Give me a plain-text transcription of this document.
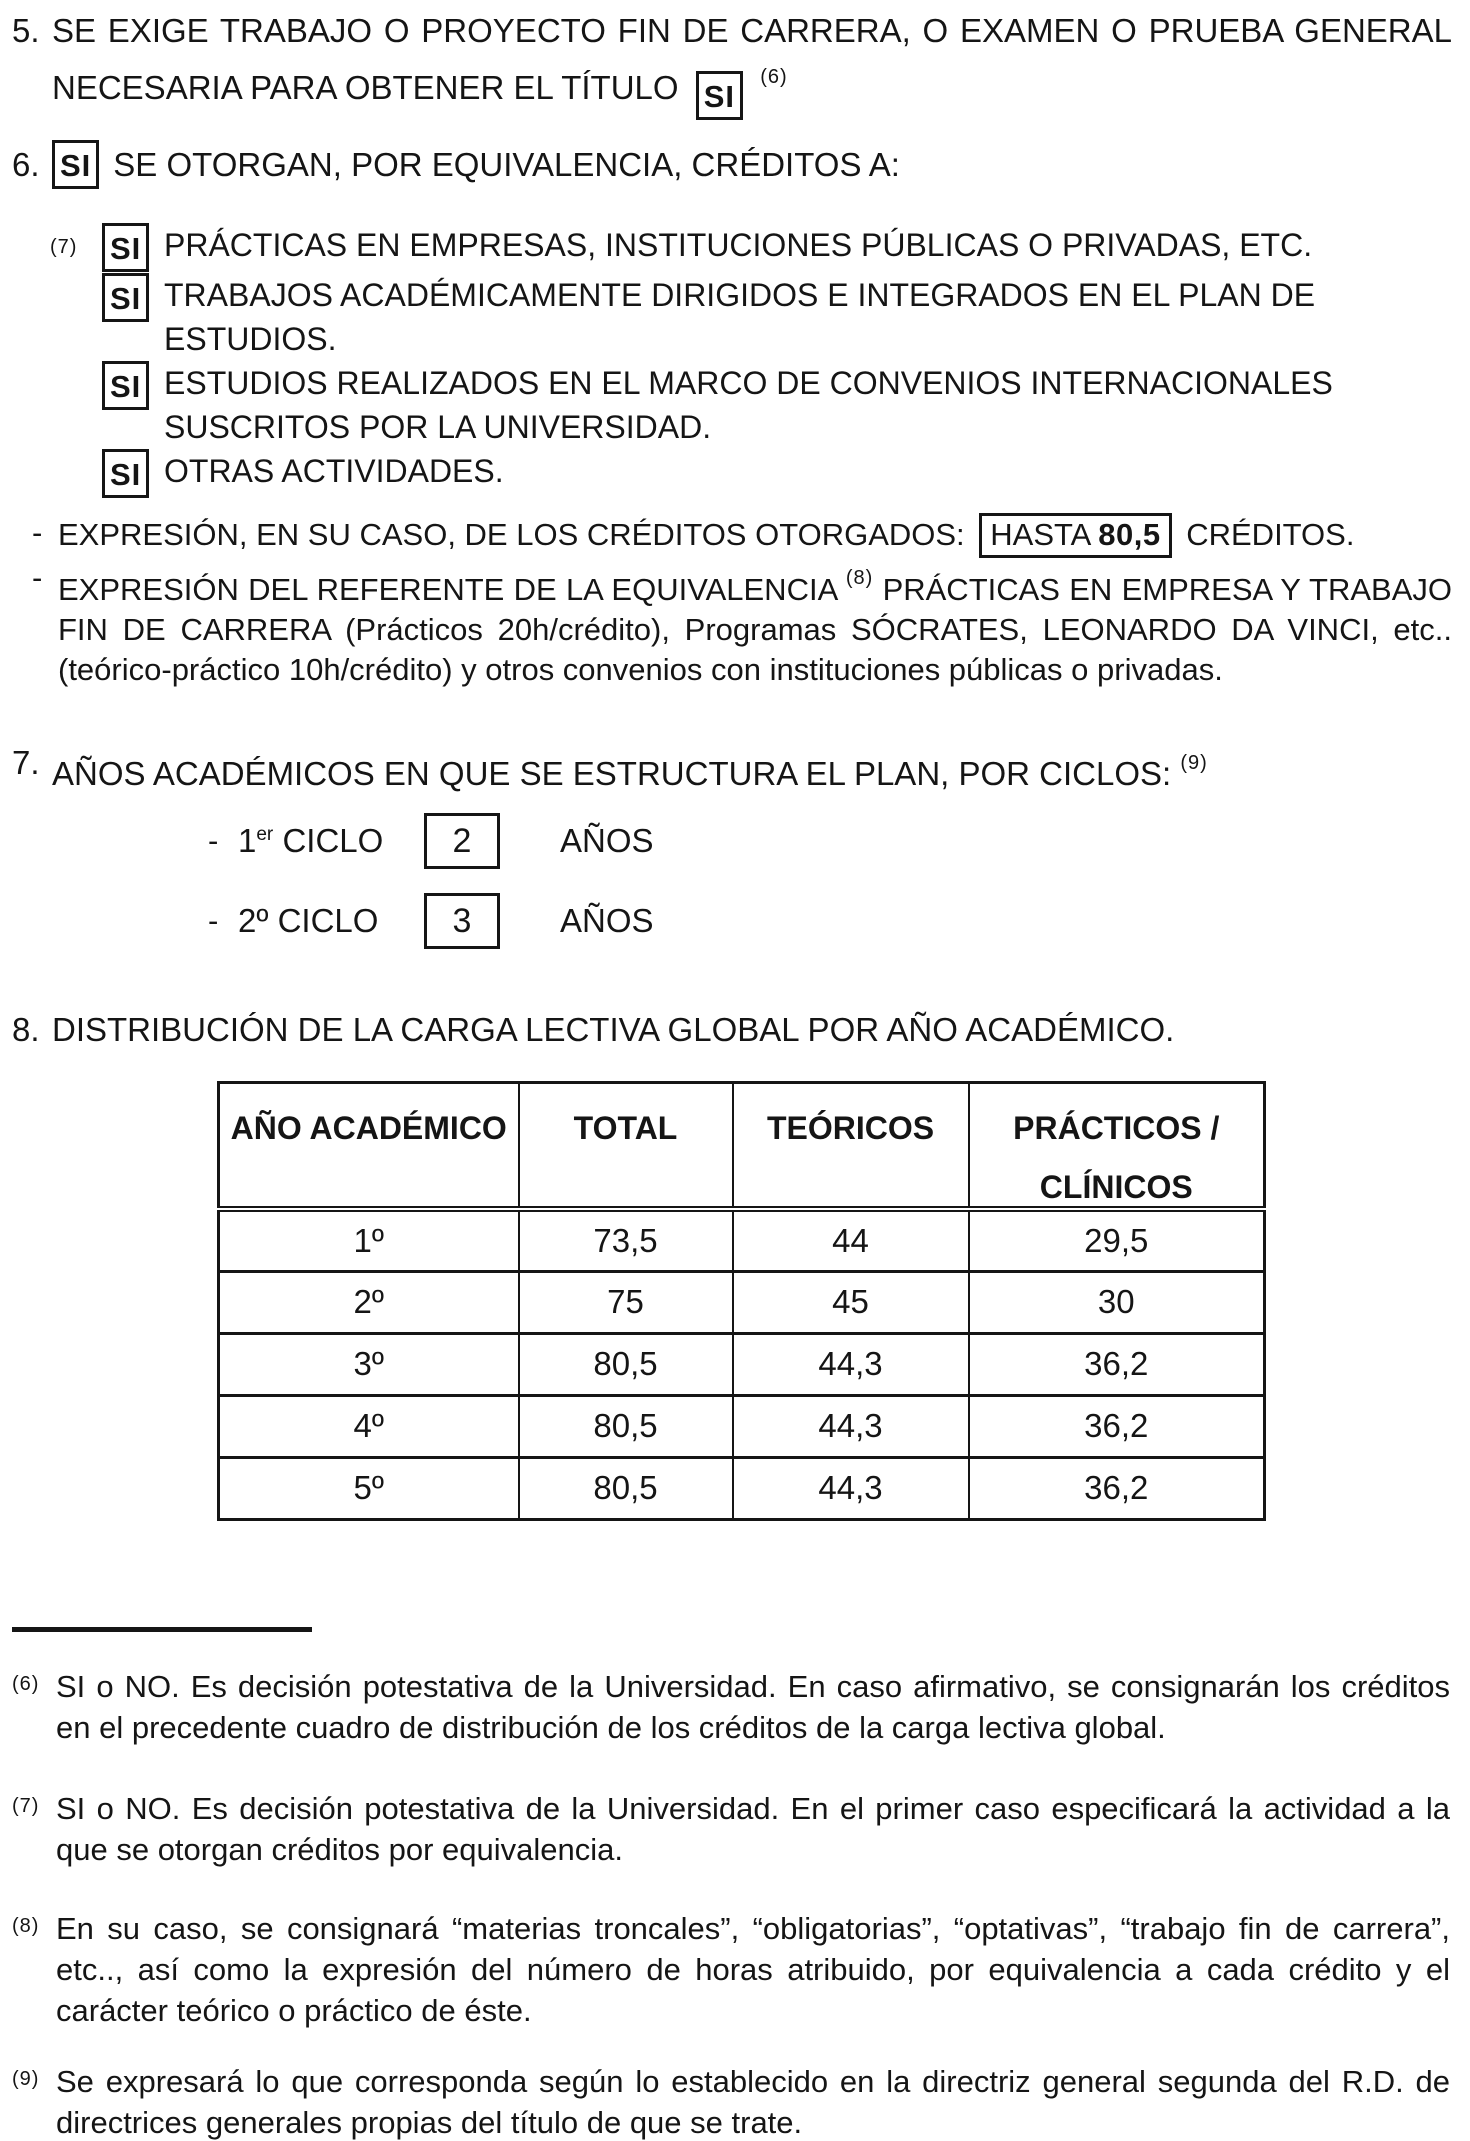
5. SE EXIGE TRABAJO O PROYECTO FIN DE CARRERA, O EXAMEN O PRUEBA GENERAL NECESARIA PARA OBTENER EL TÍTULO SI $^{(6)}$
6. SI SE OTORGAN, POR EQUIVALENCIA, CRÉDITOS A:
(7)	SI PRÁCTICAS EN EMPRESAS, INSTITUCIONES PÚBLICAS O PRIVADAS, ETC.
SI TRABAJOS ACADÉMICAMENTE DIRIGIDOS E INTEGRADOS EN EL PLAN DE ESTUDIOS.
SI ESTUDIOS REALIZADOS EN EL MARCO DE CONVENIOS INTERNACIONALES SUSCRITOS POR LA UNIVERSIDAD.
SI OTRAS ACTIVIDADES.
- EXPRESIÓN, EN SU CASO, DE LOS CRÉDITOS OTORGADOS: HASTA 80,5 CRÉDITOS.
- EXPRESIÓN DEL REFERENTE DE LA EQUIVALENCIA $^{(8)}$ PRÁCTICAS EN EMPRESA Y TRABAJO FIN DE CARRERA (Prácticos 20h/crédito), Programas SÓCRATES, LEONARDO DA VINCI, etc.. (teórico-práctico 10h/crédito) y otros convenios con instituciones públicas o privadas.
7. AÑOS ACADÉMICOS EN QUE SE ESTRUCTURA EL PLAN, POR CICLOS: $^{(9)}$
- 1er CICLO	2	AÑOS
- 2º CICLO	3	AÑOS
8. DISTRIBUCIÓN DE LA CARGA LECTIVA GLOBAL POR AÑO ACADÉMICO.
AÑO ACADÉMICO	TOTAL	TEÓRICOS	PRÁCTICOS /
CLÍNICOS

1º	73,5	44	29,5
2º	75	45	30
3º	80,5	44,3	36,2
4º	80,5	44,3	36,2
5º	80,5	44,3	36,2
(6) SI o NO. Es decisión potestativa de la Universidad. En caso afirmativo, se consignarán los créditos en el precedente cuadro de distribución de los créditos de la carga lectiva global.
(7) SI o NO. Es decisión potestativa de la Universidad. En el primer caso especificará la actividad a la que se otorgan créditos por equivalencia.
(8) En su caso, se consignará “materias troncales”, “obligatorias”, “optativas”, “trabajo fin de carrera”, etc.., así como la expresión del número de horas atribuido, por equivalencia a cada crédito y el carácter teórico o práctico de éste.
(9) Se expresará lo que corresponda según lo establecido en la directriz general segunda del R.D. de directrices generales propias del título de que se trate.
